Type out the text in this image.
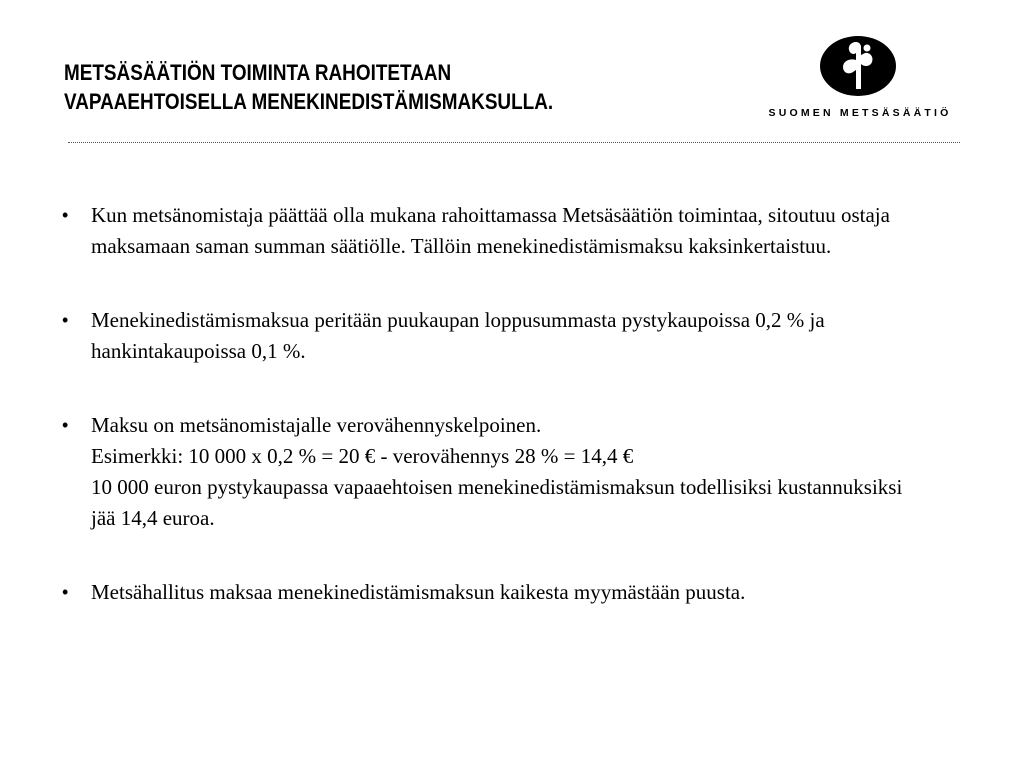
METSÄSÄÄTIÖN TOIMINTA RAHOITETAAN
VAPAAEHTOISELLA MENEKINEDISTÄMISMAKSULLA.	SUOMEN METSÄSÄÄTIÖ
• Kun metsänomistaja päättää olla mukana rahoittamassa Metsäsäätiön toimintaa, sitoutuu ostaja maksamaan saman summan säätiölle. Tällöin menekinedistämismaksu kaksinkertaistuu.
• Menekinedistämismaksua peritään puukaupan loppusummasta pystykaupoissa 0,2 % ja hankintakaupoissa 0,1 %.
• Maksu on metsänomistajalle verovähennyskelpoinen.
Esimerkki: 10 000 x 0,2 % = 20 € - verovähennys 28 % = 14,4 €
10 000 euron pystykaupassa vapaaehtoisen menekinedistämismaksun todellisiksi kustannuksiksi jää 14,4 euroa.
• Metsähallitus maksaa menekinedistämismaksun kaikesta myymästään puusta.
